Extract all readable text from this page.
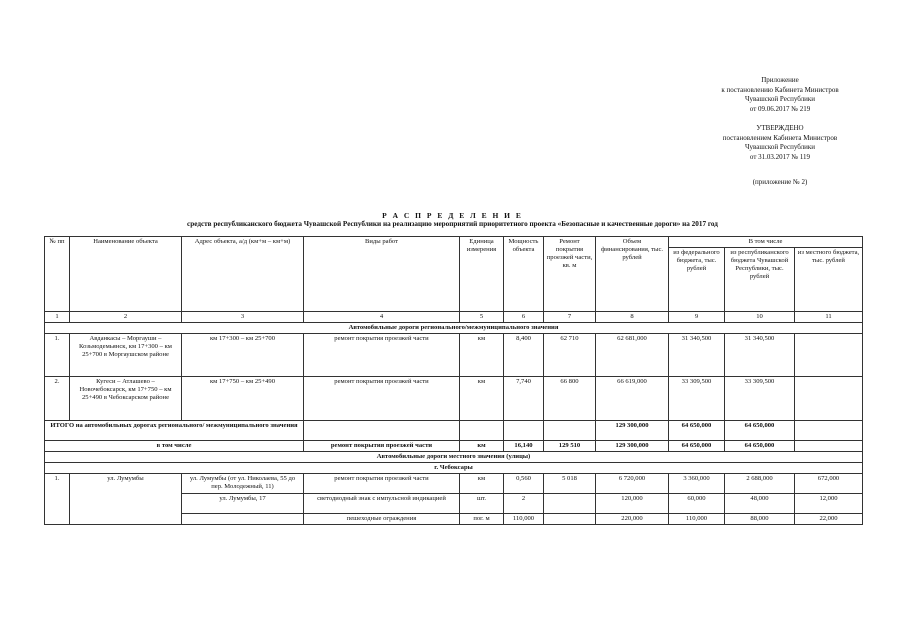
Приложение
к постановлению Кабинета Министров
Чувашской Республики
от 09.06.2017 № 219
УТВЕРЖДЕНО
постановлением Кабинета Министров
Чувашской Республики
от 31.03.2017 № 119
(приложение № 2)
Р А С П Р Е Д Е Л Е Н И Е
средств республиканского бюджета Чувашской Республики на реализацию мероприятий приоритетного проекта «Безопасные и качественные дороги» на 2017 год
№ пп	Наименование объекта	Адрес объекта, а/д (км+м – км+м)	Виды работ	Единица измерения	Мощность объекта	Ремонт покрытия проезжей части, кв. м	Объем финансирования, тыс. рублей	В том числе		
								из федерального бюджета, тыс. рублей	из республиканского бюджета Чувашской Республики, тыс. рублей	из местного бюджета, тыс. рублей
1	2	3	4	5	6	7	8	9	10	11
Автомобильные дороги регионального/межмуниципального значения										
1.	Авданкасы – Моргауши – Козьмодемьянск, км 17+300 – км 25+700 в Моргаушском районе	км 17+300 – км 25+700	ремонт покрытия проезжей части	км	8,400	62 710	62 681,000	31 340,500	31 340,500	
2.	Кугеси – Атлашево – Новочебоксарск, км 17+750 – км 25+490 в Чебоксарском районе	км 17+750 – км 25+490	ремонт покрытия проезжей части	км	7,740	66 800	66 619,000	33 309,500	33 309,500	
ИТОГО на автомобильных дорогах регионального/ межмуниципального значения							129 300,000	64 650,000	64 650,000	
в том числе			ремонт покрытия проезжей части	км	16,140	129 510	129 300,000	64 650,000	64 650,000	
Автомобильные дороги местного значения (улицы)										
г. Чебоксары										
1.	ул. Лумумбы	ул. Лумумбы (от ул. Николаева, 55 до пер. Молодежный, 11)	ремонт покрытия проезжей части	км	0,560	5 018	6 720,000	3 360,000	2 688,000	672,000
		ул. Лумумбы, 17	светодиодный знак с импульсной индикацией	шт.	2		120,000	60,000	48,000	12,000
			пешеходные ограждения	пог. м	110,000		220,000	110,000	88,000	22,000
